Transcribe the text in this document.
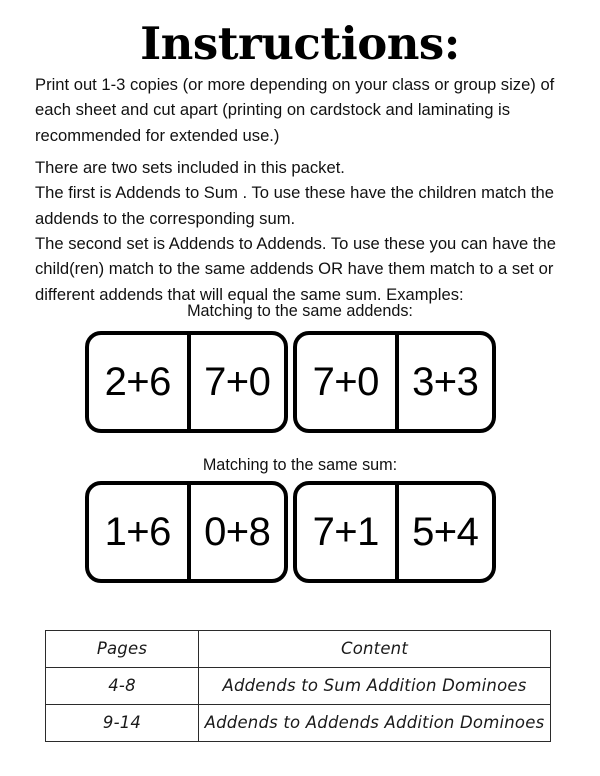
Instructions:

Print out 1-3 copies (or more depending on your class or group size) of

each sheet and cut apart (printing on cardstock and laminating is

recommended for extended use.)

There are two sets included in this packet.

The first is Addends to Sum . To use these have the children match the

addends to the corresponding sum.

The second set is Addends to Addends. To use these you can have the

child(ren) match to the same addends OR have them match to a set or

different addends that will equal the same sum. Examples:

Matching to the same addends:
2+6 7+0	7+0 3+3
Matching to the same sum:
1+6 0+8	7+1 5+4
Pages	Content
4-8	Addends to Sum Addition Dominoes
9-14	Addends to Addends Addition Dominoes
